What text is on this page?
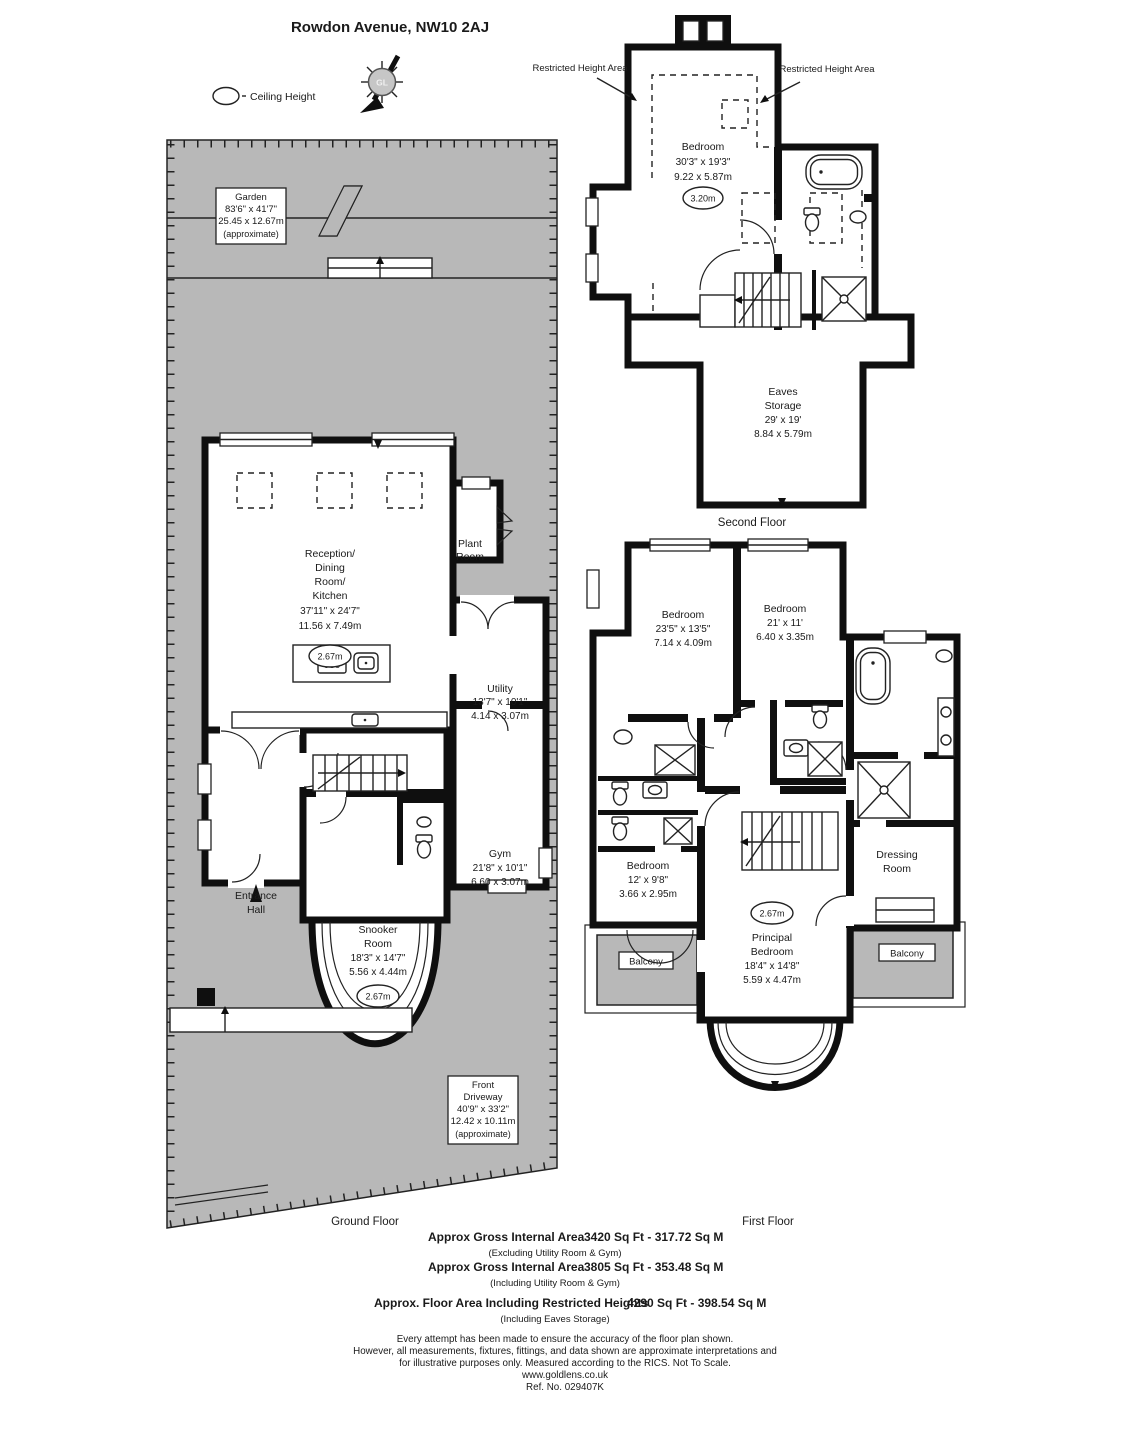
Rowdon Avenue, NW10 2AJ
Ceiling Height
GL
Garden
83'6" x 41'7"
25.45 x 12.67m
(approximate)
Front
Driveway
40'9" x 33'2"
12.42 x 10.11m
(approximate)
Reception/
Dining
Room/
Kitchen
37'11" x 24'7"
11.56 x 7.49m
2.67m
Plant
Room
Utility
13'7" x 10'1"
4.14 x 3.07m
Gym
21'8" x 10'1"
6.60 x 3.07m
Entrance
Hall
Snooker
Room
18'3" x 14'7"
5.56 x 4.44m
2.67m
Ground Floor
Restricted Height Area	Restricted Height Area
Bedroom
30'3" x 19'3"
9.22 x 5.87m
3.20m
Eaves
Storage
29' x 19'
8.84 x 5.79m
Second Floor
Balcony
Balcony
Bedroom
23'5" x 13'5"
7.14 x 4.09m
Bedroom
21' x 11'
6.40 x 3.35m
Bedroom
12' x 9'8"
3.66 x 2.95m
2.67m
Principal
Bedroom
18'4" x 14'8"
5.59 x 4.47m
Dressing
Room
First Floor
Approx Gross Internal Area 3420 Sq Ft - 317.72 Sq M
(Excluding Utility Room & Gym)
Approx Gross Internal Area 3805 Sq Ft - 353.48 Sq M
(Including Utility Room & Gym)
Approx. Floor Area Including Restricted Heights
4290 Sq Ft - 398.54 Sq M
(Including Eaves Storage)
Every attempt has been made to ensure the accuracy of the floor plan shown.
However, all measurements, fixtures, fittings, and data shown are approximate interpretations and
for illustrative purposes only. Measured according to the RICS. Not To Scale.
www.goldlens.co.uk
Ref. No. 029407K
